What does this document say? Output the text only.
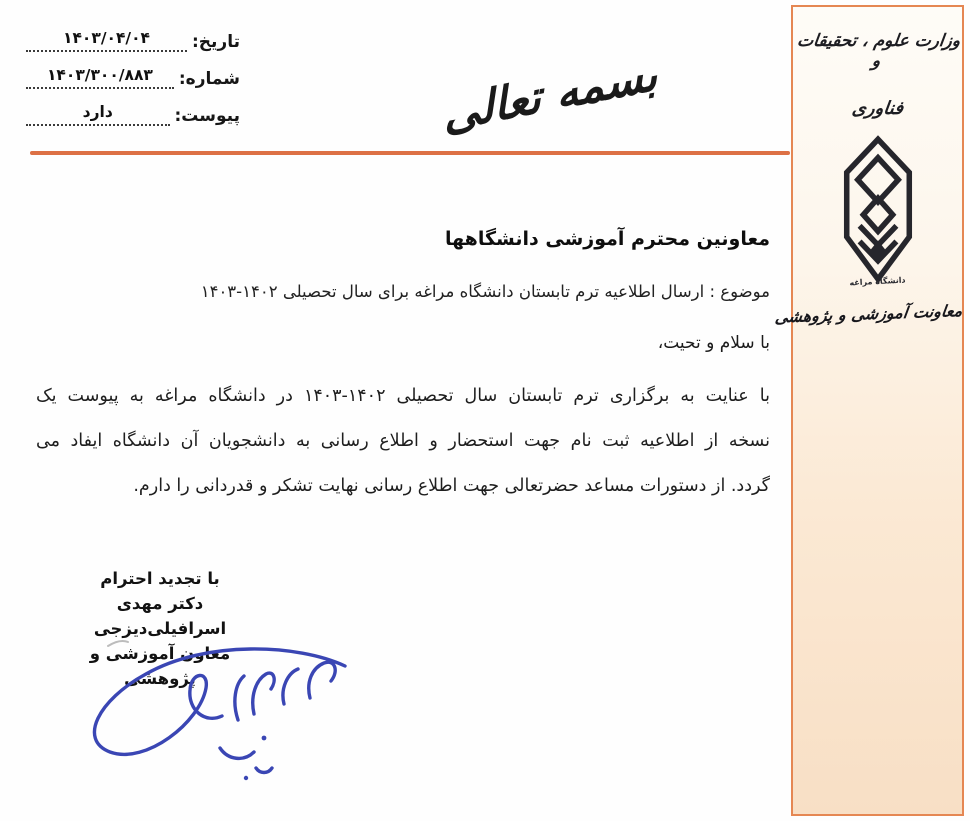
تاریخ:
۱۴۰۳/۰۴/۰۴
شماره:
۱۴۰۳/۳۰۰/۸۸۳
پیوست:
دارد	بسمه تعالی
وزارت علوم ، تحقیقات و
فناوری
دانشگاه مراغه
معاونت آموزشی و پژوهشی
معاونین محترم آموزشی دانشگاهها
موضوع : ارسال اطلاعیه ترم تابستان دانشگاه مراغه برای سال تحصیلی ۱۴۰۲-۱۴۰۳
با سلام و تحیت،
با عنایت به برگزاری ترم تابستان سال تحصیلی ۱۴۰۲-۱۴۰۳ در دانشگاه مراغه به پیوست یک
نسخه از اطلاعیه ثبت نام جهت استحضار و اطلاع رسانی به دانشجویان آن دانشگاه ایفاد می
گردد. از دستورات مساعد حضرتعالی جهت اطلاع رسانی نهایت تشکر و قدردانی را دارم.
با تجدید احترام
دکتر مهدی اسرافیلی‌دیزجی
معاون آموزشی و پژوهشی
